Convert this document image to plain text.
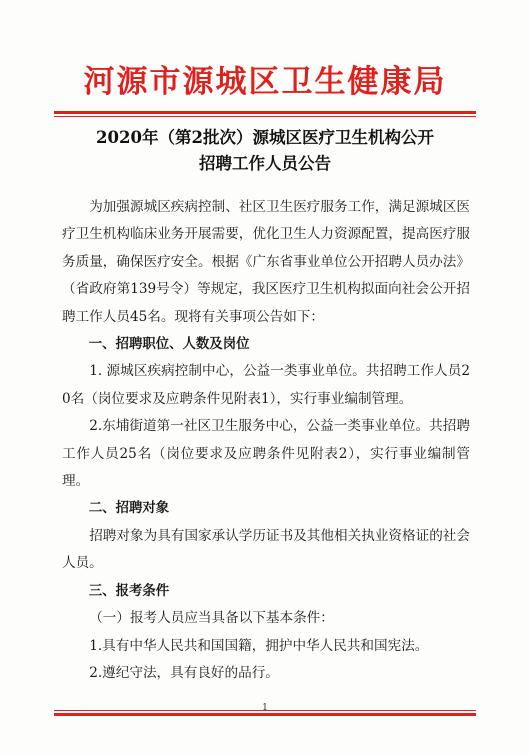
河源市源城区卫生健康局
2020年（第2批次）源城区医疗卫生机构公开
招聘工作人员公告

为加强源城区疾病控制、社区卫生医疗服务工作，满足源城区医疗卫生机构临床业务开展需要，优化卫生人力资源配置，提高医疗服务质量，确保医疗安全。根据《广东省事业单位公开招聘人员办法》（省政府第139号令）等规定，我区医疗卫生机构拟面向社会公开招聘工作人员45名。现将有关事项公告如下：

一、招聘职位、人数及岗位

1. 源城区疾病控制中心，公益一类事业单位。共招聘工作人员20名（岗位要求及应聘条件见附表1），实行事业编制管理。

2.东埔街道第一社区卫生服务中心，公益一类事业单位。共招聘工作人员25名（岗位要求及应聘条件见附表2），实行事业编制管理。

二、招聘对象

招聘对象为具有国家承认学历证书及其他相关执业资格证的社会人员。

三、报考条件

（一）报考人员应当具备以下基本条件：

1.具有中华人民共和国国籍，拥护中华人民共和国宪法。

2.遵纪守法，具有良好的品行。

1
